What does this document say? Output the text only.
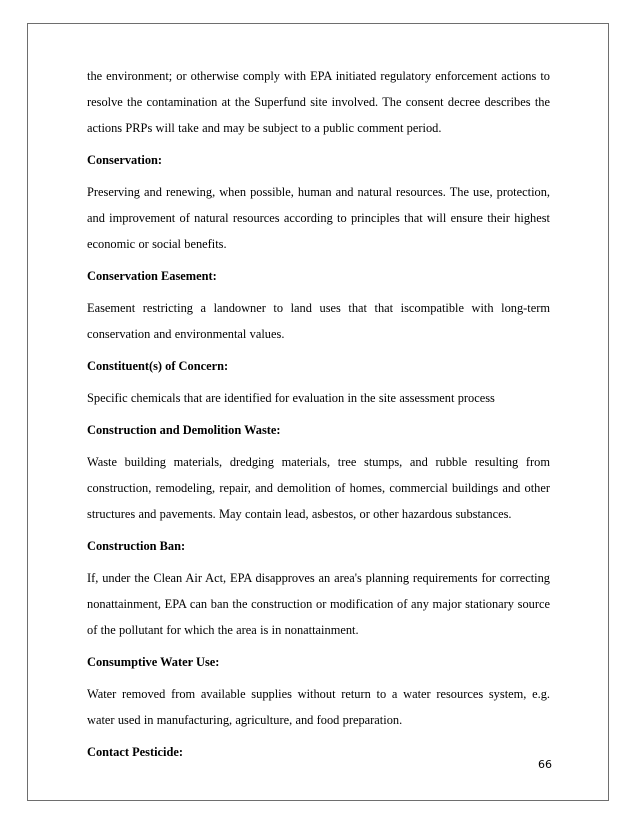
the environment; or otherwise comply with EPA initiated regulatory enforcement actions to resolve the contamination at the Superfund site involved. The consent decree describes the actions PRPs will take and may be subject to a public comment period.

Conservation:

Preserving and renewing, when possible, human and natural resources. The use, protection, and improvement of natural resources according to principles that will ensure their highest economic or social benefits.

Conservation Easement:

Easement restricting a landowner to land uses that that iscompatible with long-term conservation and environmental values.

Constituent(s) of Concern:

Specific chemicals that are identified for evaluation in the site assessment process

Construction and Demolition Waste:

Waste building materials, dredging materials, tree stumps, and rubble resulting from construction, remodeling, repair, and demolition of homes, commercial buildings and other structures and pavements. May contain lead, asbestos, or other hazardous substances.

Construction Ban:

If, under the Clean Air Act, EPA disapproves an area's planning requirements for correcting nonattainment, EPA can ban the construction or modification of any major stationary source of the pollutant for which the area is in nonattainment.

Consumptive Water Use:

Water removed from available supplies without return to a water resources system, e.g. water used in manufacturing, agriculture, and food preparation.

Contact Pesticide:
66
